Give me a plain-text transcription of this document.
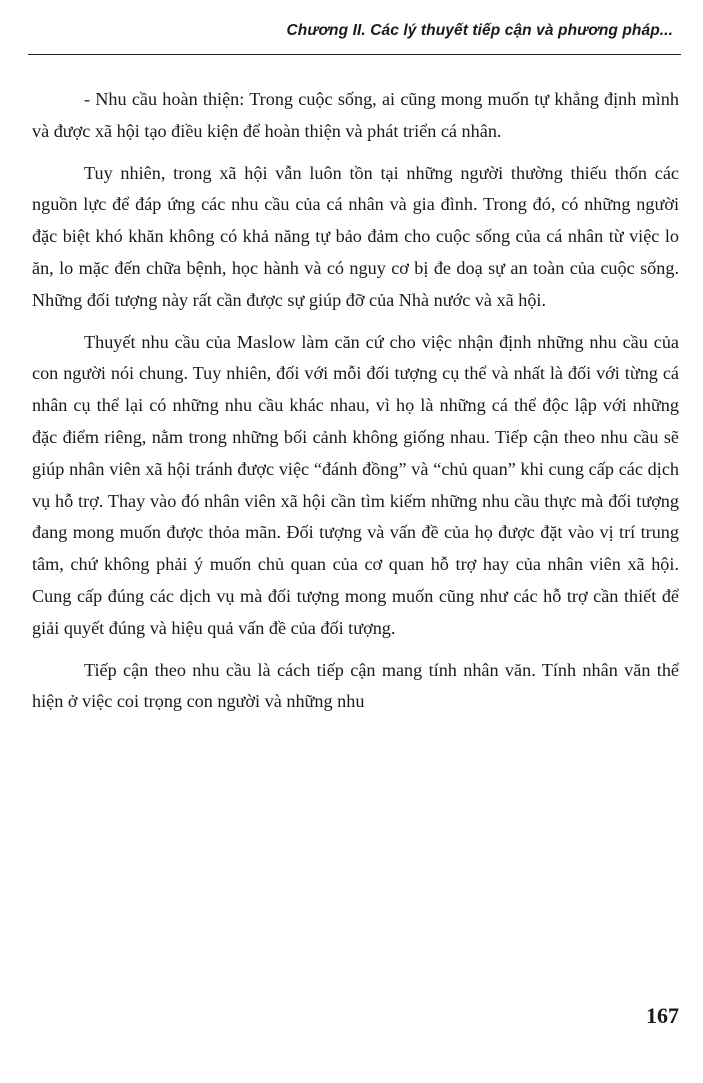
Chương II. Các lý thuyết tiếp cận và phương pháp...

- Nhu cầu hoàn thiện: Trong cuộc sống, ai cũng mong muốn tự khẳng định mình và được xã hội tạo điều kiện để hoàn thiện và phát triển cá nhân.

Tuy nhiên, trong xã hội vẫn luôn tồn tại những người thường thiếu thốn các nguồn lực để đáp ứng các nhu cầu của cá nhân và gia đình. Trong đó, có những người đặc biệt khó khăn không có khả năng tự bảo đảm cho cuộc sống của cá nhân từ việc lo ăn, lo mặc đến chữa bệnh, học hành và có nguy cơ bị đe doạ sự an toàn của cuộc sống. Những đối tượng này rất cần được sự giúp đỡ của Nhà nước và xã hội.

Thuyết nhu cầu của Maslow làm căn cứ cho việc nhận định những nhu cầu của con người nói chung. Tuy nhiên, đối với mỗi đối tượng cụ thể và nhất là đối với từng cá nhân cụ thể lại có những nhu cầu khác nhau, vì họ là những cá thể độc lập với những đặc điểm riêng, nằm trong những bối cảnh không giống nhau. Tiếp cận theo nhu cầu sẽ giúp nhân viên xã hội tránh được việc “đánh đồng” và “chủ quan” khi cung cấp các dịch vụ hỗ trợ. Thay vào đó nhân viên xã hội cần tìm kiếm những nhu cầu thực mà đối tượng đang mong muốn được thỏa mãn. Đối tượng và vấn đề của họ được đặt vào vị trí trung tâm, chứ không phải ý muốn chủ quan của cơ quan hỗ trợ hay của nhân viên xã hội. Cung cấp đúng các dịch vụ mà đối tượng mong muốn cũng như các hỗ trợ cần thiết để giải quyết đúng và hiệu quả vấn đề của đối tượng.

Tiếp cận theo nhu cầu là cách tiếp cận mang tính nhân văn. Tính nhân văn thể hiện ở việc coi trọng con người và những nhu

167
